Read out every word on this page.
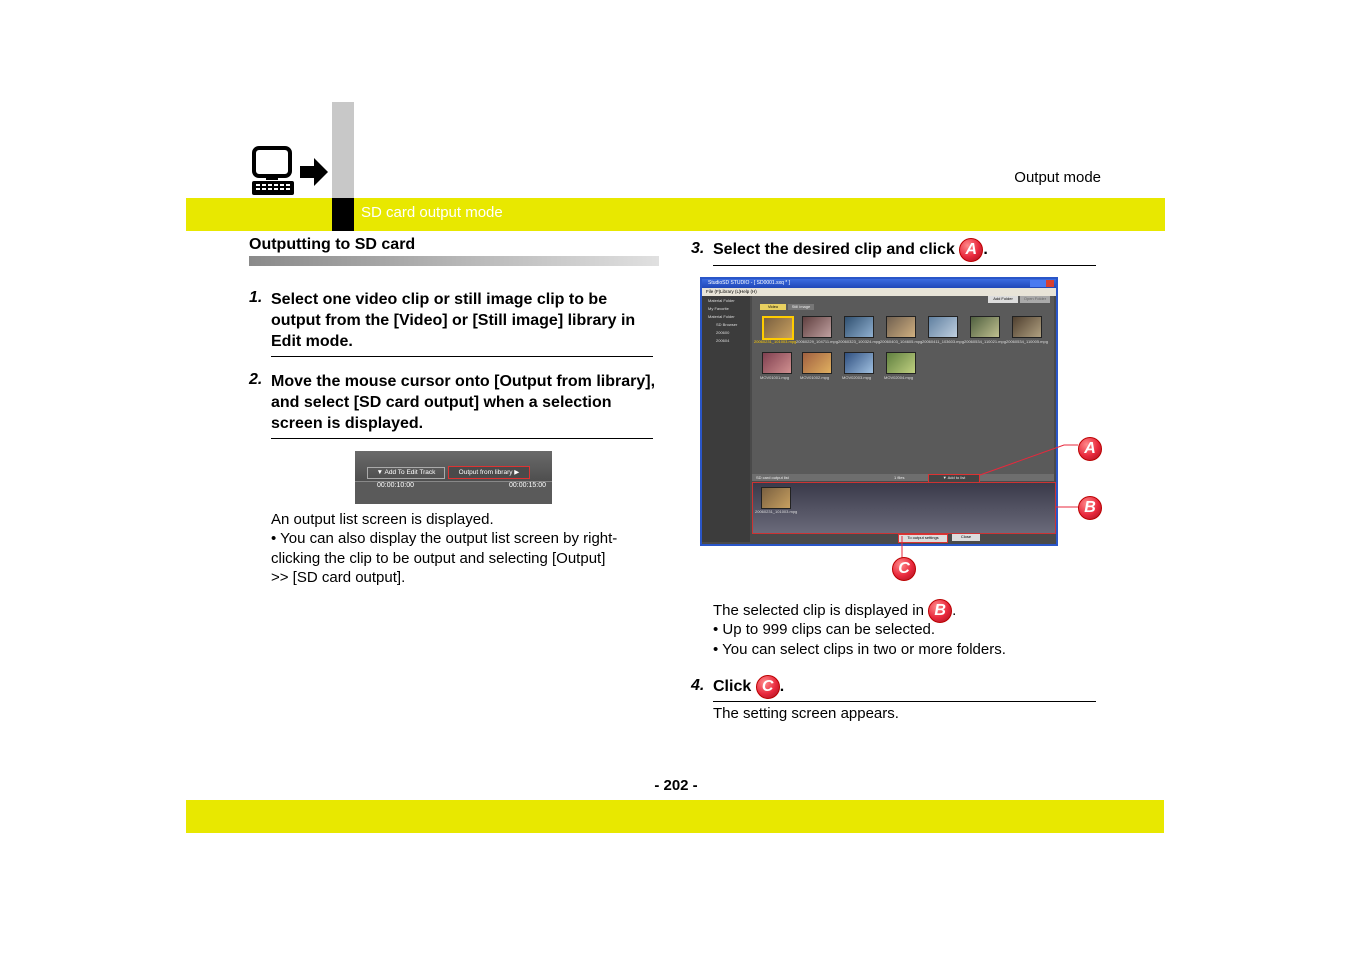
Output mode
SD card output mode
Outputting to SD card
1. Select one video clip or still image clip to be output from the [Video] or [Still image] library in Edit mode.
2. Move the mouse cursor onto [Output from library], and select [SD card output] when a selection screen is displayed.
▼ Add To Edit Track	Output from library ▶
00:00:10:00	00:00:15:00
An output list screen is displayed.
• You can also display the output list screen by right-clicking the clip to be output and selecting [Output] >> [SD card output].
3. Select the desired clip and click A .
StudioSD STUDIO - [ SD0001.sxq * ]
File (F) Library (L) Help (H)
Material Folder
My Favorite
Material Folder
SD Browser
200600
200604
Video	Still image
Add Folder	Open Folder
20060231_101003.mpg 20060229_104711.mpg 20060323_100324.mpg 20060403_104605.mpg 20060411_103603.mpg 20060534_110021.mpg 20060534_110005.mpg
MOV01001.mpg	MOV01002.mpg	MOV02003.mpg	MOV02004.mpg
SD card output list	1 files	▼ Add to list
20060231_101003.mpg
To output settings	Close
A
B
C
The selected clip is displayed in B .
• Up to 999 clips can be selected.
• You can select clips in two or more folders.
4. Click C .
The setting screen appears.
- 202 -
